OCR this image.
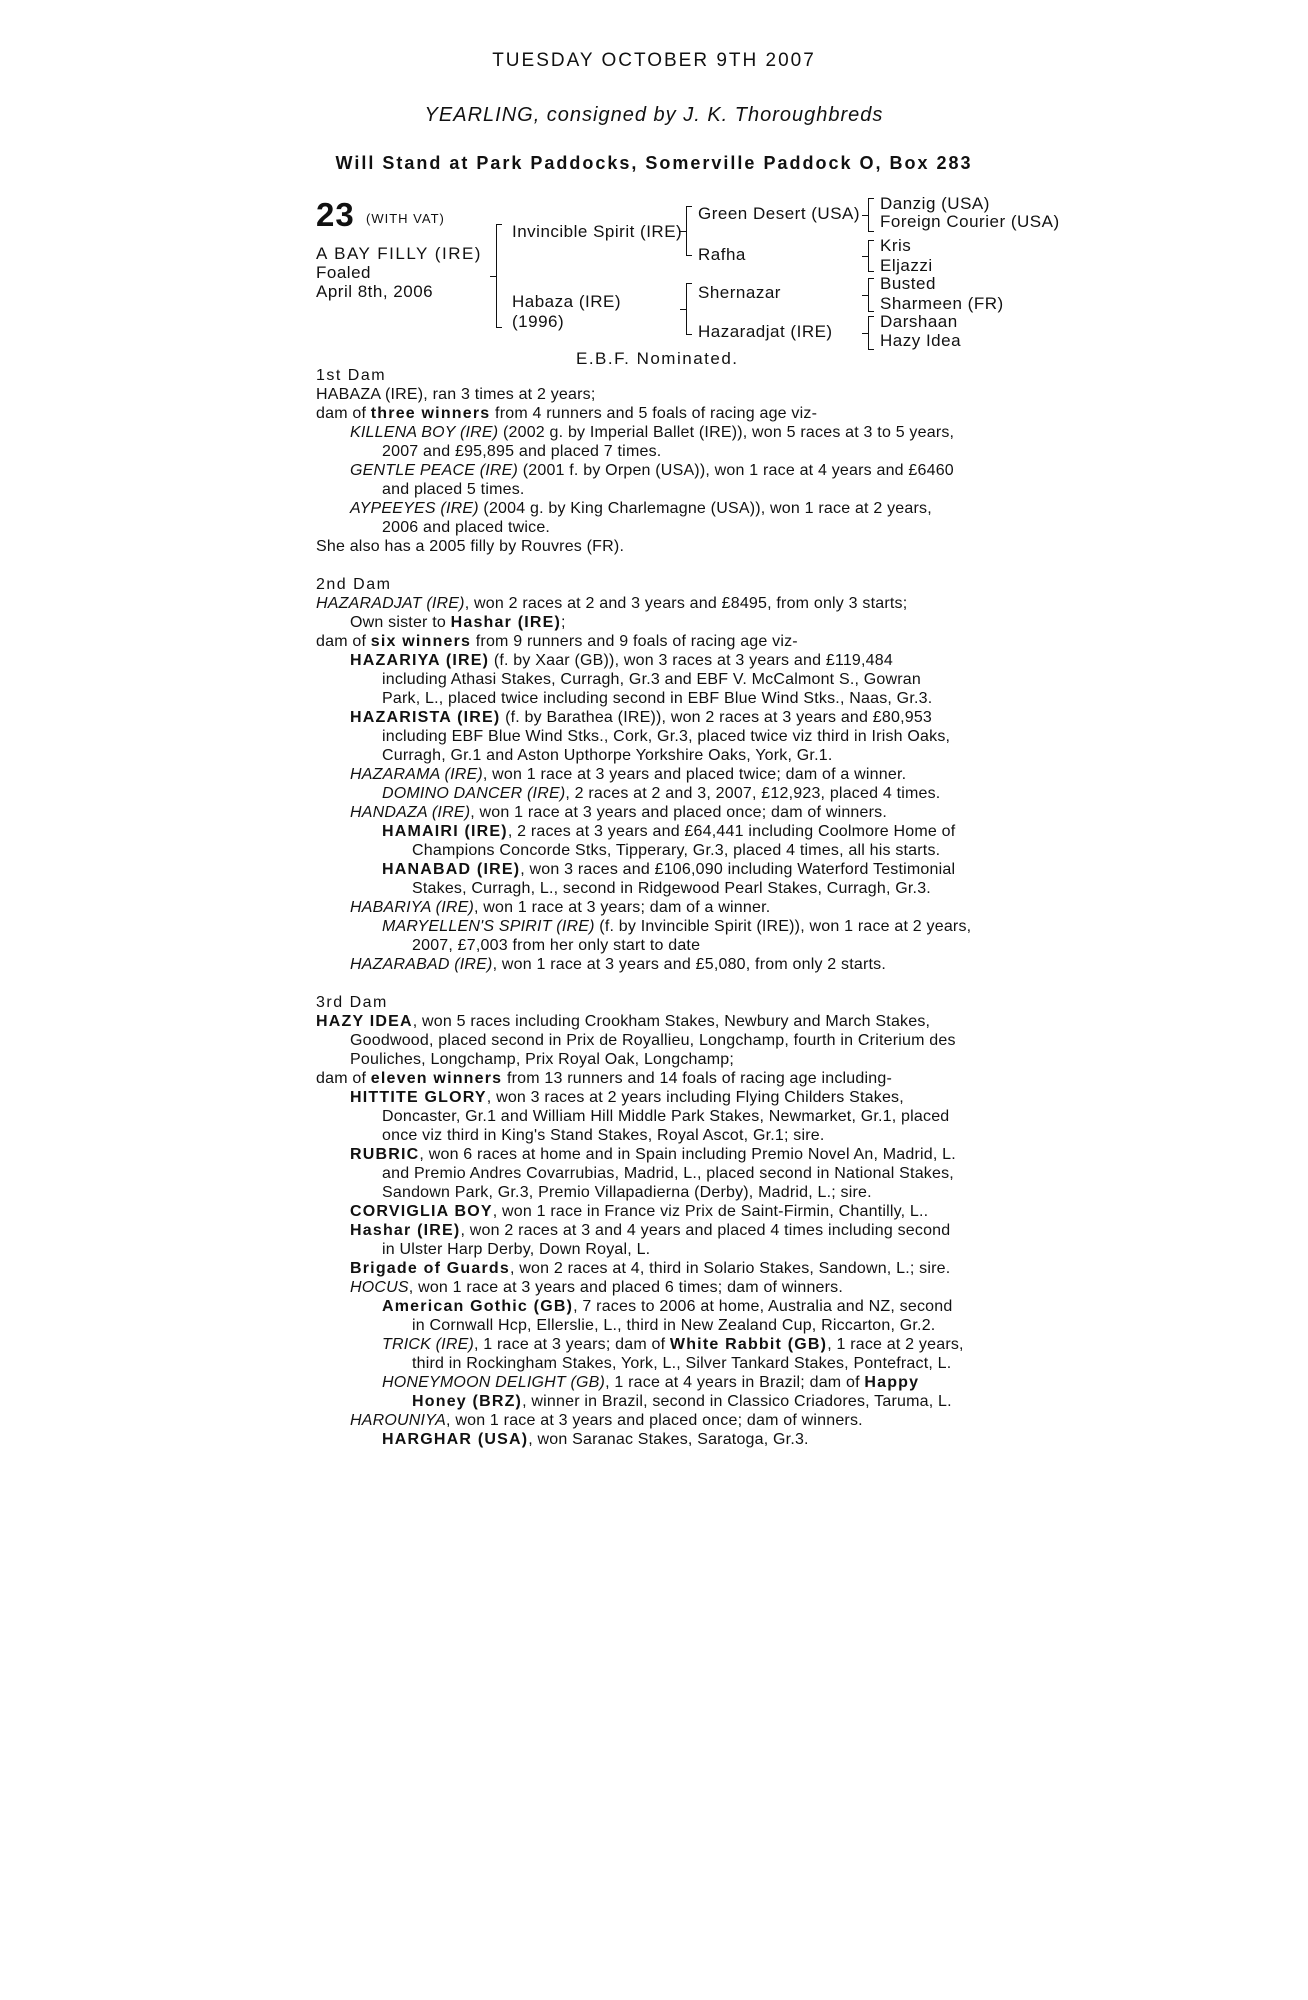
TUESDAY OCTOBER 9TH 2007
YEARLING, consigned by J. K. Thoroughbreds
Will Stand at Park Paddocks, Somerville Paddock O, Box 283
23 (WITH VAT)
A BAY FILLY (IRE)
Foaled
April 8th, 2006
Invincible Spirit (IRE)
Habaza (IRE)
(1996)
Green Desert (USA)
Rafha
Shernazar
Hazaradjat (IRE)
Danzig (USA)
Foreign Courier (USA)
Kris
Eljazzi
Busted
Sharmeen (FR)
Darshaan
Hazy Idea
E.B.F. Nominated.
1st Dam
HABAZA (IRE), ran 3 times at 2 years;
dam of three winners from 4 runners and 5 foals of racing age viz-
KILLENA BOY (IRE) (2002 g. by Imperial Ballet (IRE)), won 5 races at 3 to 5 years,
2007 and £95,895 and placed 7 times.
GENTLE PEACE (IRE) (2001 f. by Orpen (USA)), won 1 race at 4 years and £6460
and placed 5 times.
AYPEEYES (IRE) (2004 g. by King Charlemagne (USA)), won 1 race at 2 years,
2006 and placed twice.
She also has a 2005 filly by Rouvres (FR).
2nd Dam
HAZARADJAT (IRE), won 2 races at 2 and 3 years and £8495, from only 3 starts;
Own sister to Hashar (IRE);
dam of six winners from 9 runners and 9 foals of racing age viz-
HAZARIYA (IRE) (f. by Xaar (GB)), won 3 races at 3 years and £119,484
including Athasi Stakes, Curragh, Gr.3 and EBF V. McCalmont S., Gowran
Park, L., placed twice including second in EBF Blue Wind Stks., Naas, Gr.3.
HAZARISTA (IRE) (f. by Barathea (IRE)), won 2 races at 3 years and £80,953
including EBF Blue Wind Stks., Cork, Gr.3, placed twice viz third in Irish Oaks,
Curragh, Gr.1 and Aston Upthorpe Yorkshire Oaks, York, Gr.1.
HAZARAMA (IRE), won 1 race at 3 years and placed twice; dam of a winner.
DOMINO DANCER (IRE), 2 races at 2 and 3, 2007, £12,923, placed 4 times.
HANDAZA (IRE), won 1 race at 3 years and placed once; dam of winners.
HAMAIRI (IRE), 2 races at 3 years and £64,441 including Coolmore Home of
Champions Concorde Stks, Tipperary, Gr.3, placed 4 times, all his starts.
HANABAD (IRE), won 3 races and £106,090 including Waterford Testimonial
Stakes, Curragh, L., second in Ridgewood Pearl Stakes, Curragh, Gr.3.
HABARIYA (IRE), won 1 race at 3 years; dam of a winner.
MARYELLEN'S SPIRIT (IRE) (f. by Invincible Spirit (IRE)), won 1 race at 2 years,
2007, £7,003 from her only start to date
HAZARABAD (IRE), won 1 race at 3 years and £5,080, from only 2 starts.
3rd Dam
HAZY IDEA, won 5 races including Crookham Stakes, Newbury and March Stakes,
Goodwood, placed second in Prix de Royallieu, Longchamp, fourth in Criterium des
Pouliches, Longchamp, Prix Royal Oak, Longchamp;
dam of eleven winners from 13 runners and 14 foals of racing age including-
HITTITE GLORY, won 3 races at 2 years including Flying Childers Stakes,
Doncaster, Gr.1 and William Hill Middle Park Stakes, Newmarket, Gr.1, placed
once viz third in King's Stand Stakes, Royal Ascot, Gr.1; sire.
RUBRIC, won 6 races at home and in Spain including Premio Novel An, Madrid, L.
and Premio Andres Covarrubias, Madrid, L., placed second in National Stakes,
Sandown Park, Gr.3, Premio Villapadierna (Derby), Madrid, L.; sire.
CORVIGLIA BOY, won 1 race in France viz Prix de Saint-Firmin, Chantilly, L..
Hashar (IRE), won 2 races at 3 and 4 years and placed 4 times including second
in Ulster Harp Derby, Down Royal, L.
Brigade of Guards, won 2 races at 4, third in Solario Stakes, Sandown, L.; sire.
HOCUS, won 1 race at 3 years and placed 6 times; dam of winners.
American Gothic (GB), 7 races to 2006 at home, Australia and NZ, second
in Cornwall Hcp, Ellerslie, L., third in New Zealand Cup, Riccarton, Gr.2.
TRICK (IRE), 1 race at 3 years; dam of White Rabbit (GB), 1 race at 2 years,
third in Rockingham Stakes, York, L., Silver Tankard Stakes, Pontefract, L.
HONEYMOON DELIGHT (GB), 1 race at 4 years in Brazil; dam of Happy
Honey (BRZ), winner in Brazil, second in Classico Criadores, Taruma, L.
HAROUNIYA, won 1 race at 3 years and placed once; dam of winners.
HARGHAR (USA), won Saranac Stakes, Saratoga, Gr.3.
